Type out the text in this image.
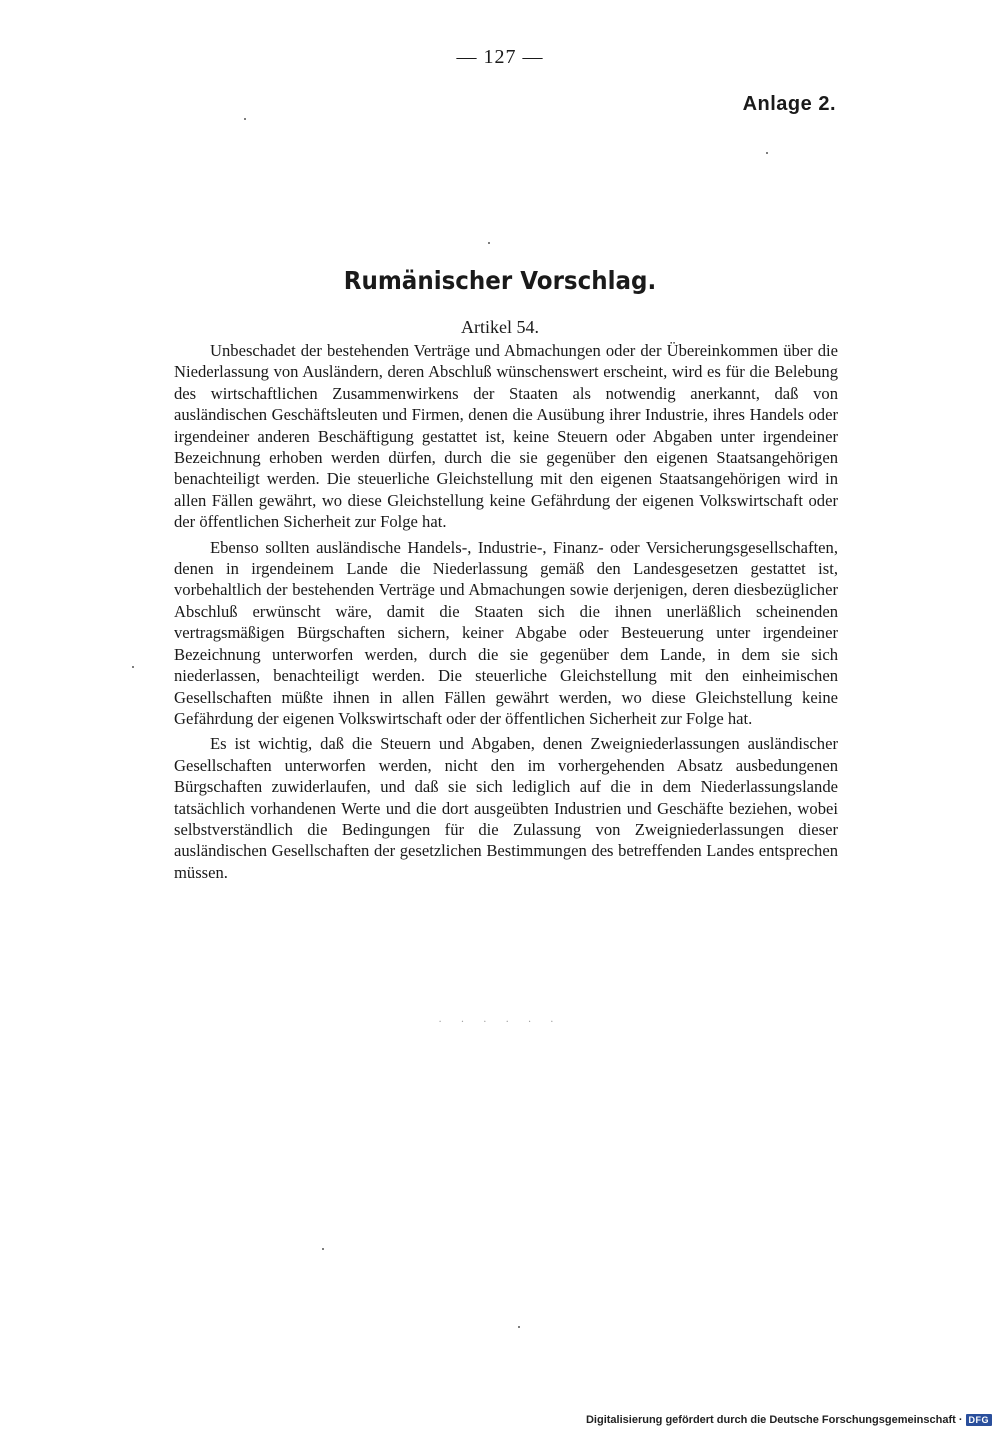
— 127 —
Anlage 2.
Rumänischer Vorschlag.
Artikel 54.

Unbeschadet der bestehenden Verträge und Abmachungen oder der Übereinkommen über die Niederlassung von Ausländern, deren Abschluß wünschenswert erscheint, wird es für die Belebung des wirtschaftlichen Zusammenwirkens der Staaten als notwendig anerkannt, daß von ausländischen Geschäftsleuten und Firmen, denen die Ausübung ihrer Industrie, ihres Handels oder irgendeiner anderen Beschäftigung gestattet ist, keine Steuern oder Abgaben unter irgendeiner Bezeichnung erhoben werden dürfen, durch die sie gegenüber den eigenen Staatsangehörigen benachteiligt werden. Die steuerliche Gleichstellung mit den eigenen Staatsangehörigen wird in allen Fällen gewährt, wo diese Gleichstellung keine Gefährdung der eigenen Volkswirtschaft oder der öffentlichen Sicherheit zur Folge hat.

Ebenso sollten ausländische Handels-, Industrie-, Finanz- oder Versicherungsgesellschaften, denen in irgendeinem Lande die Niederlassung gemäß den Landesgesetzen gestattet ist, vorbehaltlich der bestehenden Verträge und Abmachungen sowie derjenigen, deren diesbezüglicher Abschluß erwünscht wäre, damit die Staaten sich die ihnen unerläßlich scheinenden vertragsmäßigen Bürgschaften sichern, keiner Abgabe oder Besteuerung unter irgendeiner Bezeichnung unterworfen werden, durch die sie gegenüber dem Lande, in dem sie sich niederlassen, benachteiligt werden. Die steuerliche Gleichstellung mit den einheimischen Gesellschaften müßte ihnen in allen Fällen gewährt werden, wo diese Gleichstellung keine Gefährdung der eigenen Volkswirtschaft oder der öffentlichen Sicherheit zur Folge hat.

Es ist wichtig, daß die Steuern und Abgaben, denen Zweigniederlassungen ausländischer Gesellschaften unterworfen werden, nicht den im vorhergehenden Absatz ausbedungenen Bürgschaften zuwiderlaufen, und daß sie sich lediglich auf die in dem Niederlassungslande tatsächlich vorhandenen Werte und die dort ausgeübten Industrien und Geschäfte beziehen, wobei selbstverständlich die Bedingungen für die Zulassung von Zweigniederlassungen dieser ausländischen Gesellschaften der gesetzlichen Bestimmungen des betreffenden Landes entsprechen müssen.

. . . . . .
Digitalisierung gefördert durch die Deutsche Forschungsgemeinschaft · DFG
